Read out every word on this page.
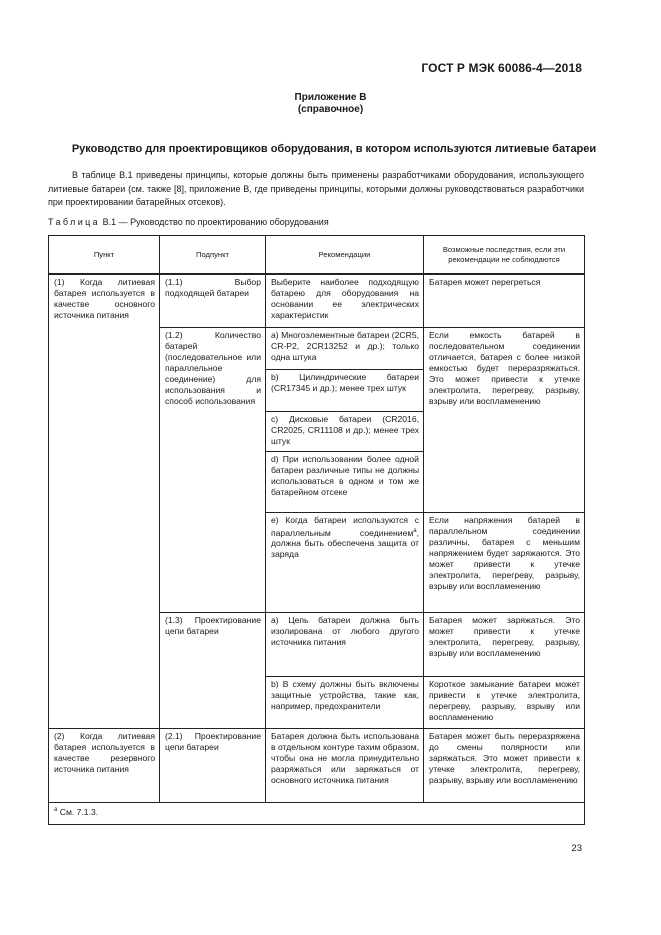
ГОСТ Р МЭК 60086-4—2018
Приложение В
(справочное)
Руководство для проектировщиков оборудования, в котором используются литиевые батареи

В таблице В.1 приведены принципы, которые должны быть применены разработчиками оборудования, использующего литиевые батареи (см. также [8], приложение В, где приведены принципы, которыми должны руководствоваться разработчики при проектировании батарейных отсеков).

Таблица В.1 — Руководство по проектированию оборудования
Пункт	Подпункт	Рекомендации	Возможные последствия, если эти рекомендации не соблюдаются
(1) Когда литиевая батарея используется в качестве основного источника питания	(1.1) Выбор подходящей батареи	Выберите наиболее подходящую батарею для оборудования на основании ее электрических характеристик	Батарея может перегреться
	(1.2) Количество батарей (последовательное или параллельное соединение) для использования и способ использования	a) Многоэлементные батареи (2CR5, CR-P2, 2CR13252 и др.); только одна штука	Если емкость батарей в последовательном соединении отличается, батарея с более низкой емкостью будет переразряжаться. Это может привести к утечке электролита, перегреву, разрыву, взрыву или воспламенению
		b) Цилиндрические батареи (CR17345 и др.); менее трех штук	
		c) Дисковые батареи (CR2016, CR2025, CR11108 и др.); менее трех штук	
		d) При использовании более одной батареи различные типы не должны использоваться в одном и том же батарейном отсеке	
		e) Когда батареи используются с параллельным соединением$^a$, должна быть обеспечена защита от заряда	Если напряжения батарей в параллельном соединении различны, батарея с меньшим напряжением будет заряжаются. Это может привести к утечке электролита, перегреву, разрыву, взрыву или воспламенению
	(1.3) Проектирование цепи батареи	a) Цепь батареи должна быть изолирована от любого другого источника питания	Батарея может заряжаться. Это может привести к утечке электролита, перегреву, разрыву, взрыву или воспламенению
		b) В схему должны быть включены защитные устройства, такие как, например, предохранители	Короткое замыкание батареи может привести к утечке электролита, перегреву, разрыву, взрыву или воспламенению
(2) Когда литиевая батарея используется в качестве резервного источника питания	(2.1) Проектирование цепи батареи	Батарея должна быть использована в отдельном контуре тахим образом, чтобы она не могла принудительно разряжаться или заряжаться от основного источника питания	Батарея может быть переразряжена до смены полярности или заряжаться. Это может привести к утечке электролита, перегреву, разрыву, взрыву или воспламенению
$^a$ См. 7.1.3.			
23
